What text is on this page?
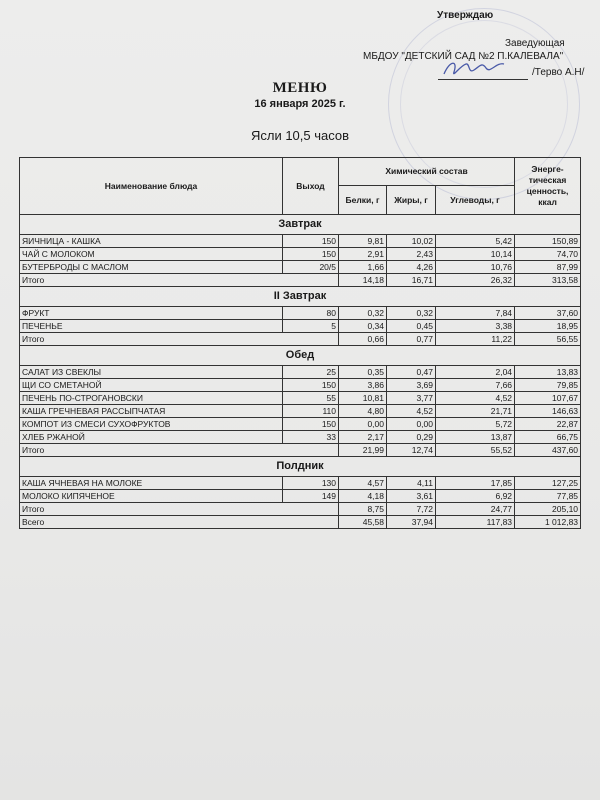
Утверждаю
Заведующая
МБДОУ "ДЕТСКИЙ САД №2 П.КАЛЕВАЛА"
/Терво А.Н/
МЕНЮ
16 января 2025 г.
Ясли 10,5 часов
Наименование блюда	Выход	Химический состав			Энерге-тическая ценность, ккал
		Белки, г	Жиры, г	Углеводы, г	
Завтрак					
ЯИЧНИЦА - КАШКА	150	9,81	10,02	5,42	150,89
ЧАЙ С МОЛОКОМ	150	2,91	2,43	10,14	74,70
БУТЕРБРОДЫ С МАСЛОМ	20/5	1,66	4,26	10,76	87,99
Итого		14,18	16,71	26,32	313,58
II Завтрак					
ФРУКТ	80	0,32	0,32	7,84	37,60
ПЕЧЕНЬЕ	5	0,34	0,45	3,38	18,95
Итого		0,66	0,77	11,22	56,55
Обед					
САЛАТ ИЗ СВЕКЛЫ	25	0,35	0,47	2,04	13,83
ЩИ СО СМЕТАНОЙ	150	3,86	3,69	7,66	79,85
ПЕЧЕНЬ ПО-СТРОГАНОВСКИ	55	10,81	3,77	4,52	107,67
КАША ГРЕЧНЕВАЯ РАССЫПЧАТАЯ	110	4,80	4,52	21,71	146,63
КОМПОТ ИЗ СМЕСИ СУХОФРУКТОВ	150	0,00	0,00	5,72	22,87
ХЛЕБ РЖАНОЙ	33	2,17	0,29	13,87	66,75
Итого		21,99	12,74	55,52	437,60
Полдник					
КАША ЯЧНЕВАЯ НА МОЛОКЕ	130	4,57	4,11	17,85	127,25
МОЛОКО КИПЯЧЕНОЕ	149	4,18	3,61	6,92	77,85
Итого		8,75	7,72	24,77	205,10
Всего		45,58	37,94	117,83	1 012,83
